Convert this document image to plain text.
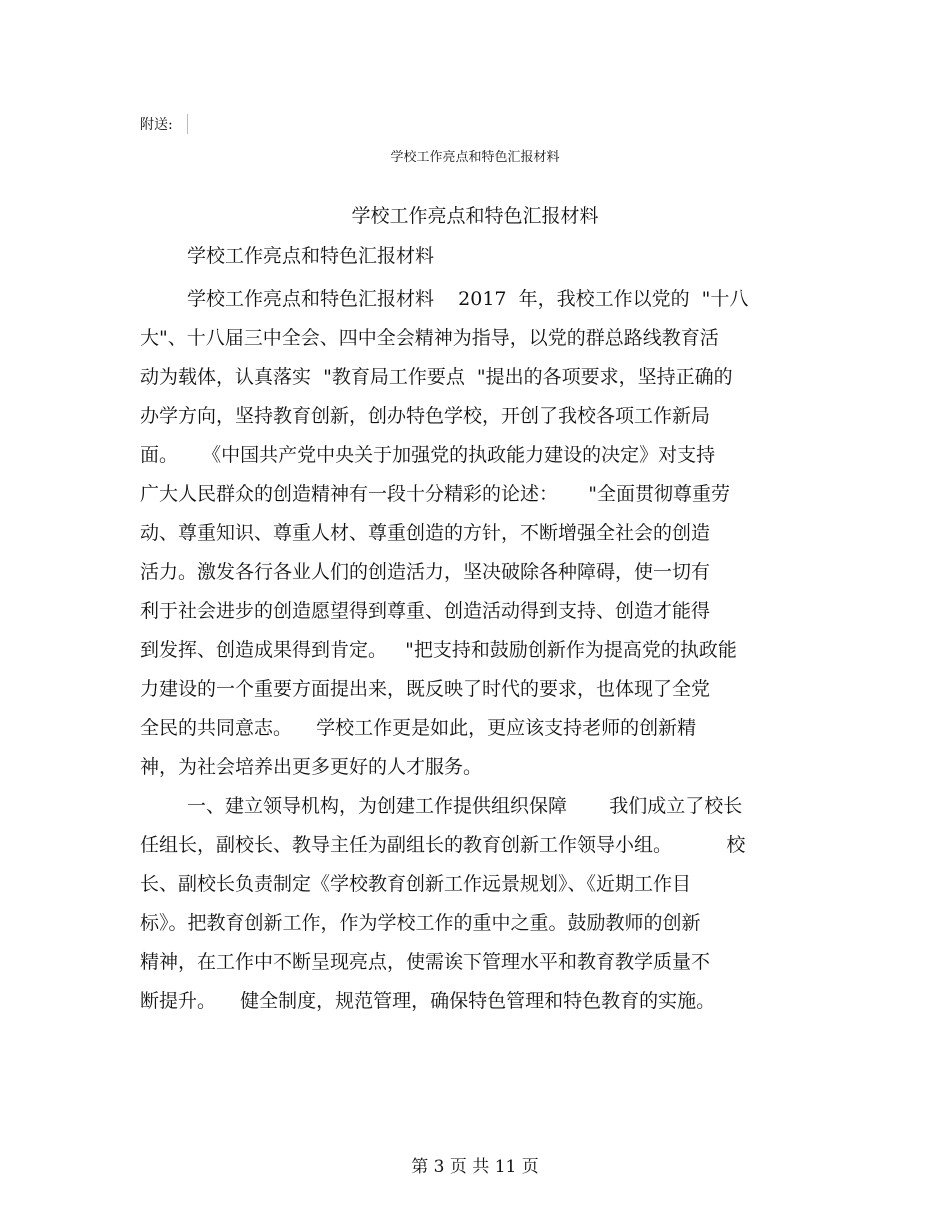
附送:
学校工作亮点和特色汇报材料
学校工作亮点和特色汇报材料
学校工作亮点和特色汇报材料
学校工作亮点和特色汇报材料    2017  年，我校工作以党的  "十八
大"、十八届三中全会、四中全会精神为指导，以党的群总路线教育活
动为载体，认真落实  "教育局工作要点  "提出的各项要求，坚持正确的
办学方向，坚持教育创新，创办特色学校，开创了我校各项工作新局
面。    《中国共产党中央关于加强党的执政能力建设的决定》对支持
广大人民群众的创造精神有一段十分精彩的论述：     "全面贯彻尊重劳
动、尊重知识、尊重人材、尊重创造的方针，不断增强全社会的创造
活力。激发各行各业人们的创造活力，坚决破除各种障碍，使一切有
利于社会进步的创造愿望得到尊重、创造活动得到支持、创造才能得
到发挥、创造成果得到肯定。   "把支持和鼓励创新作为提高党的执政能
力建设的一个重要方面提出来，既反映了时代的要求，也体现了全党
全民的共同意志。    学校工作更是如此，更应该支持老师的创新精
神，为社会培养出更多更好的人才服务。
一、建立领导机构，为创建工作提供组织保障       我们成立了校长
任组长，副校长、教导主任为副组长的教育创新工作领导小组。         校
长、副校长负责制定《学校教育创新工作远景规划》、《近期工作目
标》。把教育创新工作，作为学校工作的重中之重。鼓励教师的创新
精神，在工作中不断呈现亮点，使需诶下管理水平和教育教学质量不
断提升。    健全制度，规范管理，确保特色管理和特色教育的实施。
第 3 页 共 11 页
